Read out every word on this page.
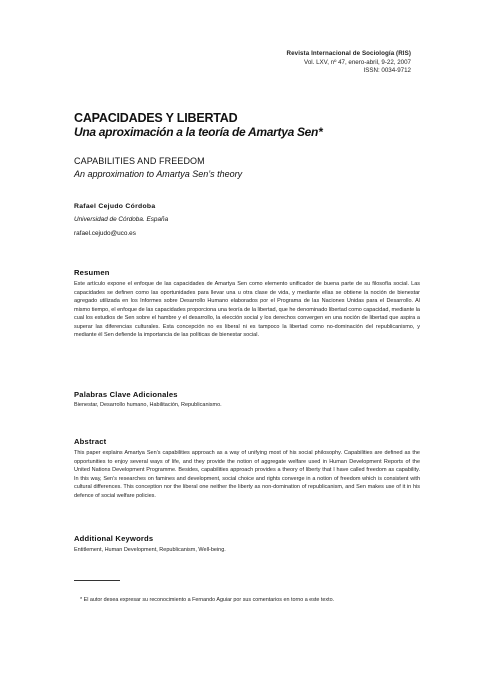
Revista Internacional de Sociología (RIS)
Vol. LXV, nº 47, enero-abril, 9-22, 2007
ISSN: 0034-9712
CAPACIDADES Y LIBERTAD
Una aproximación a la teoría de Amartya Sen*
CAPABILITIES AND FREEDOM
An approximation to Amartya Sen’s theory
Rafael Cejudo Córdoba
Universidad de Córdoba. España
rafael.cejudo@uco.es
Resumen
Este artículo expone el enfoque de las capacidades de Amartya Sen como elemento unificador de buena parte de su filosofía social. Las capacidades se definen como las oportunidades para llevar una u otra clase de vida, y mediante ellas se obtiene la noción de bienestar agregado utilizada en los Informes sobre Desarrollo Humano elaborados por el Programa de las Naciones Unidas para el Desarrollo. Al mismo tiempo, el enfoque de las capacidades proporciona una teoría de la libertad, que he denominado libertad como capacidad, mediante la cual los estudios de Sen sobre el hambre y el desarrollo, la elección social y los derechos convergen en una noción de libertad que aspira a superar las diferencias culturales. Esta concepción no es liberal ni es tampoco la libertad como no-dominación del republicanismo, y mediante él Sen defiende la importancia de las políticas de bienestar social.
Palabras Clave Adicionales
Bienestar, Desarrollo humano, Habilitación, Republicanismo.
Abstract
This paper explains Amartya Sen’s capabilities approach as a way of unifying most of his social philosophy. Capabilities are defined as the opportunities to enjoy several ways of life, and they provide the notion of aggregate welfare used in Human Development Reports of the United Nations Development Programme. Besides, capabilities approach provides a theory of liberty that I have called freedom as capability. In this way, Sen’s researches on famines and development, social choice and rights converge in a notion of freedom which is consistent with cultural differences. This conception nor the liberal one neither the liberty as non-domination of republicanism, and Sen makes use of it in his defence of social welfare policies.
Additional Keywords
Entitlement, Human Development, Republicanism, Well-being.
* El autor desea expresar su reconocimiento a Fernando Aguiar por sus comentarios en torno a este texto.
